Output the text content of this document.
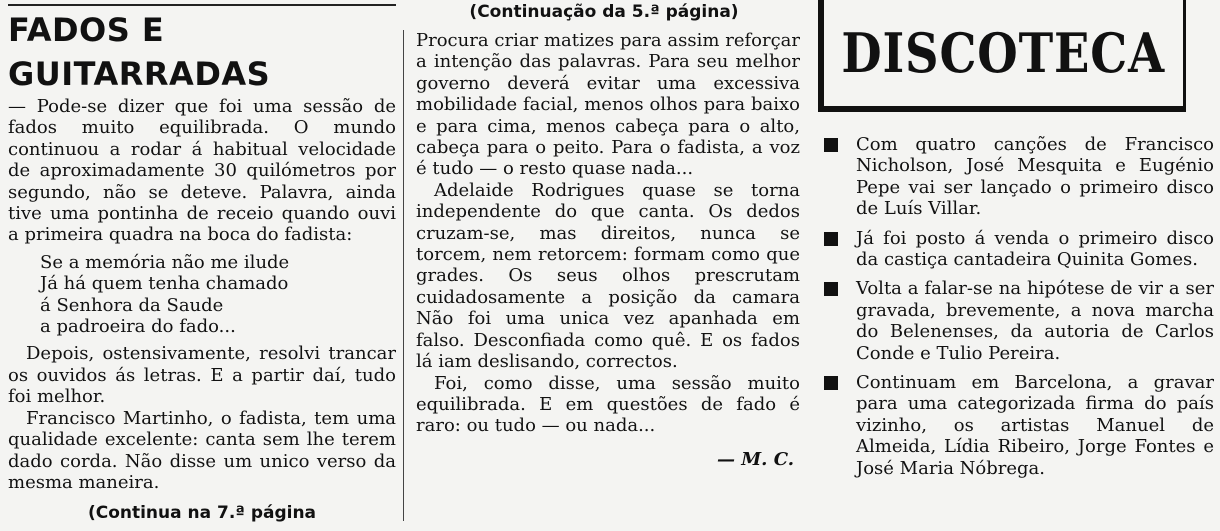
FADOS E GUITARRADAS

— Pode-se dizer que foi uma sessão de fados muito equilibrada. O mundo continuou a rodar á habitual velocidade de aproximadamente 30 quilómetros por segundo, não se deteve. Palavra, ainda tive uma pontinha de receio quando ouvi a primeira quadra na boca do fadista:

Se a memória não me ilude
Já há quem tenha chamado
á Senhora da Saude
a padroeira do fado...

Depois, ostensivamente, resolvi trancar os ouvidos ás letras. E a partir daí, tudo foi melhor.

Francisco Martinho, o fadista, tem uma qualidade excelente: canta sem lhe terem dado corda. Não disse um unico verso da mesma maneira.

(Continua na 7.ª página
(Continuação da 5.ª página)

Procura criar matizes para assim reforçar a intenção das palavras. Para seu melhor governo deverá evitar uma excessiva mobilidade facial, menos olhos para baixo e para cima, menos cabeça para o alto, cabeça para o peito. Para o fadista, a voz é tudo — o resto quase nada...

Adelaide Rodrigues quase se torna independente do que canta. Os dedos cruzam-se, mas direitos, nunca se torcem, nem retorcem: formam como que grades. Os seus olhos prescrutam cuidadosamente a posição da camara Não foi uma unica vez apanhada em falso. Desconfiada como quê. E os fados lá iam deslisando, correctos.

Foi, como disse, uma sessão muito equilibrada. E em questões de fado é raro: ou tudo — ou nada...

— M. C.
DISCOTECA

Com quatro canções de Francisco Nicholson, José Mesquita e Eugénio Pepe vai ser lançado o primeiro disco de Luís Villar.

Já foi posto á venda o primeiro disco da castiça cantadeira Quinita Gomes.

Volta a falar-se na hipótese de vir a ser gravada, brevemente, a nova marcha do Belenenses, da autoria de Carlos Conde e Tulio Pereira.

Continuam em Barcelona, a gravar para uma categorizada firma do país vizinho, os artistas Manuel de Almeida, Lídia Ribeiro, Jorge Fontes e José Maria Nóbrega.
